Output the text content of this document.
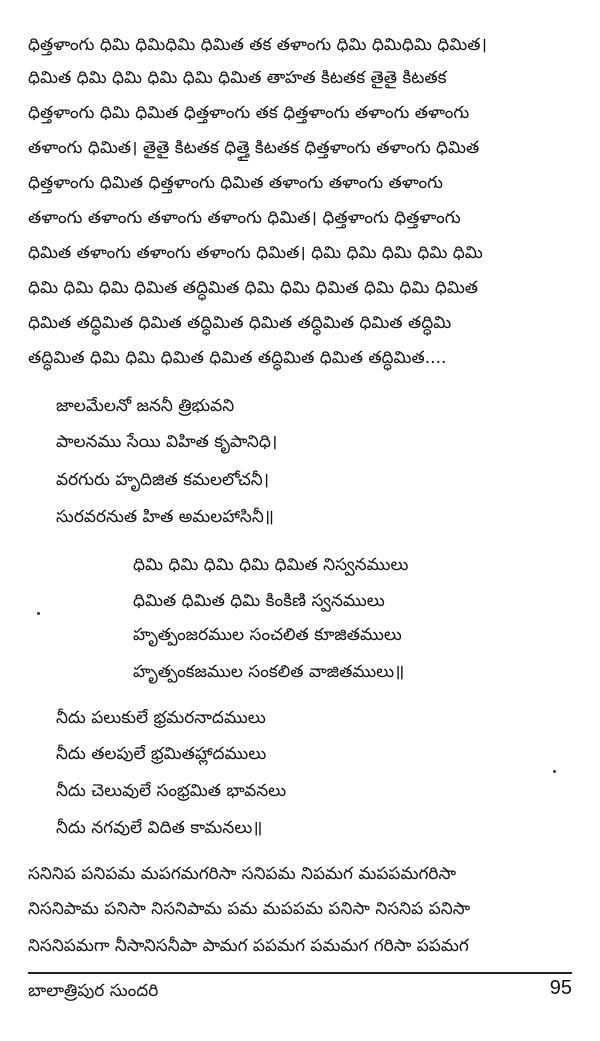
ధిత్తళాంగు ధిమి ధిమిధిమి ధిమిత తక తళాంగు ధిమి ధిమిధిమి ధిమిత।
ధిమిత ధిమి ధిమి ధిమి ధిమి ధిమిత తాహత కిటతక తైతై కిటతక
ధిత్తళాంగు ధిమి ధిమిత ధిత్తళాంగు తక ధిత్తళాంగు తళాంగు తళాంగు
తళాంగు ధిమిత। తైతై కిటతక ధిత్తై కిటతక ధిత్తళాంగు తళాంగు ధిమిత
ధిత్తళాంగు ధిమిత ధిత్తళాంగు ధిమిత తళాంగు తళాంగు తళాంగు
తళాంగు తళాంగు తళాంగు తళాంగు ధిమిత। ధిత్తళాంగు ధిత్తళాంగు
ధిమిత తళాంగు తళాంగు తళాంగు ధిమిత। ధిమి ధిమి ధిమి ధిమి ధిమి
ధిమి ధిమి ధిమి ధిమిత తద్ధిమిత ధిమి ధిమి ధిమిత ధిమి ధిమి ధిమిత
ధిమిత తద్ధిమిత ధిమిత తద్ధిమిత ధిమిత తద్ధిమిత ధిమిత తద్ధిమి
తద్ధిమిత ధిమి ధిమి ధిమిత ధిమిత తద్ధిమిత ధిమిత తద్ధిమిత....
జాలమేలనో జననీ త్రిభువని
పాలనము సేయి విహిత కృపానిధి।
వరగురు హృదిజిత కమలలోచనీ।
సురవరనుత హిత అమలహాసినీ॥
ధిమి ధిమి ధిమి ధిమి ధిమిత నిస్వనములు
ధిమిత ధిమిత ధిమి కింకిణి స్వనములు
హృత్పంజరముల సంచలిత కూజితములు
హృత్పంకజముల సంకలిత వాజితములు॥
నీదు పలుకులే భ్రమరనాదములు
నీదు తలపులే భ్రమితహ్లాదములు
నీదు చెలువులే సంభ్రమిత భావనలు
నీదు నగవులే విదిత కామనలు॥
సనినిప పనిపమ మపగమగరిసా సనిపమ నిపమగ మపపమగరిసా
నిసనిపామ పనిసా నిసనిపామ పమ మపపమ పనిసా నిసనిప పనిసా
నిసనిపమగా నీసానిసనీపా పామగ పపమగ పమమగ గరిసా పపమగ
బాలాత్రిపుర సుందరి	95
